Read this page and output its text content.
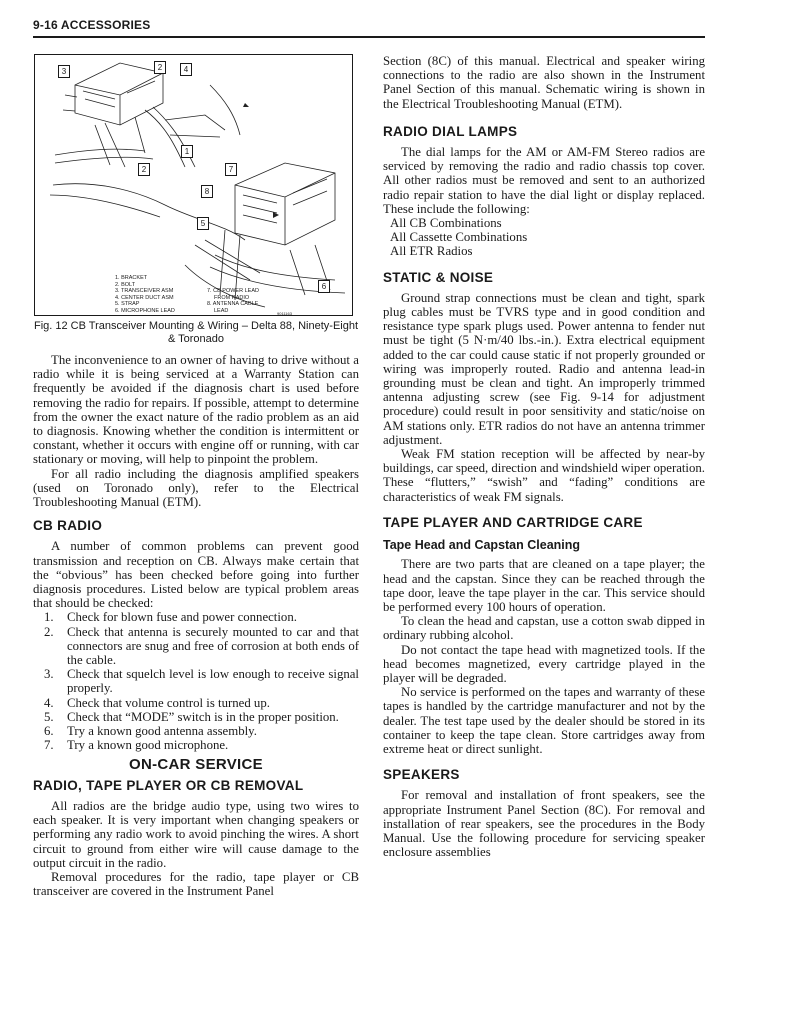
9-16 ACCESSORIES
3	2	4
1
2	7
8
5
6
1. BRACKET
2. BOLT
3. TRANSCEIVER ASM
4. CENTER DUCT ASM
5. STRAP
6. MICROPHONE LEAD
7. CB POWER LEAD
FROM RADIO
8. ANTENNA CABLE
LEAD	9011163
Fig. 12 CB Transceiver Mounting & Wiring – Delta 88, Ninety-Eight & Toronado

The inconvenience to an owner of having to drive without a radio while it is being serviced at a Warranty Station can frequently be avoided if the diagnosis chart is used before removing the radio for repairs. If possible, attempt to determine from the owner the exact nature of the radio problem as an aid to diagnosis. Knowing whether the condition is intermittent or constant, whether it occurs with engine off or running, with car stationary or moving, will help to pinpoint the problem.

For all radio including the diagnosis amplified speakers (used on Toronado only), refer to the Electrical Troubleshooting Manual (ETM).

CB RADIO

A number of common problems can prevent good transmission and reception on CB. Always make certain that the “obvious” has been checked before going into further diagnosis procedures. Listed below are typical problem areas that should be checked:

1.	Check for blown fuse and power connection.
2.	Check that antenna is securely mounted to car and that connectors are snug and free of corrosion at both ends of the cable.
3.	Check that squelch level is low enough to receive signal properly.
4.	Check that volume control is turned up.
5.	Check that “MODE” switch is in the proper position.
6.	Try a known good antenna assembly.
7.	Try a known good microphone.
ON-CAR SERVICE
RADIO, TAPE PLAYER OR CB REMOVAL

All radios are the bridge audio type, using two wires to each speaker. It is very important when changing speakers or performing any radio work to avoid pinching the wires. A short circuit to ground from either wire will cause damage to the output circuit in the radio.

Removal procedures for the radio, tape player or CB transceiver are covered in the Instrument Panel

Section (8C) of this manual. Electrical and speaker wiring connections to the radio are also shown in the Instrument Panel Section of this manual. Schematic wiring is shown in the Electrical Troubleshooting Manual (ETM).

RADIO DIAL LAMPS

The dial lamps for the AM or AM-FM Stereo radios are serviced by removing the radio and radio chassis top cover. All other radios must be removed and sent to an authorized radio repair station to have the dial light or display replaced. These include the following:

All CB Combinations
All Cassette Combinations
All ETR Radios
STATIC & NOISE

Ground strap connections must be clean and tight, spark plug cables must be TVRS type and in good condition and resistance type spark plugs used. Power antenna to fender nut must be tight (5 N·m/40 lbs.-in.). Extra electrical equipment added to the car could cause static if not properly grounded or wiring was improperly routed. Radio and antenna lead-in grounding must be clean and tight. An improperly trimmed antenna adjusting screw (see Fig. 9-14 for adjustment procedure) could result in poor sensitivity and static/noise on AM stations only. ETR radios do not have an antenna trimmer adjustment.

Weak FM station reception will be affected by near-by buildings, car speed, direction and windshield wiper operation. These “flutters,” “swish” and “fading” conditions are characteristics of weak FM signals.

TAPE PLAYER AND CARTRIDGE CARE
Tape Head and Capstan Cleaning

There are two parts that are cleaned on a tape player; the head and the capstan. Since they can be reached through the tape door, leave the tape player in the car. This service should be performed every 100 hours of operation.

To clean the head and capstan, use a cotton swab dipped in ordinary rubbing alcohol.

Do not contact the tape head with magnetized tools. If the head becomes magnetized, every cartridge played in the player will be degraded.

No service is performed on the tapes and warranty of these tapes is handled by the cartridge manufacturer and not by the dealer. The test tape used by the dealer should be stored in its container to keep the tape clean. Store cartridges away from extreme heat or direct sunlight.

SPEAKERS

For removal and installation of front speakers, see the appropriate Instrument Panel Section (8C). For removal and installation of rear speakers, see the procedures in the Body Manual. Use the following procedure for servicing speaker enclosure assemblies
